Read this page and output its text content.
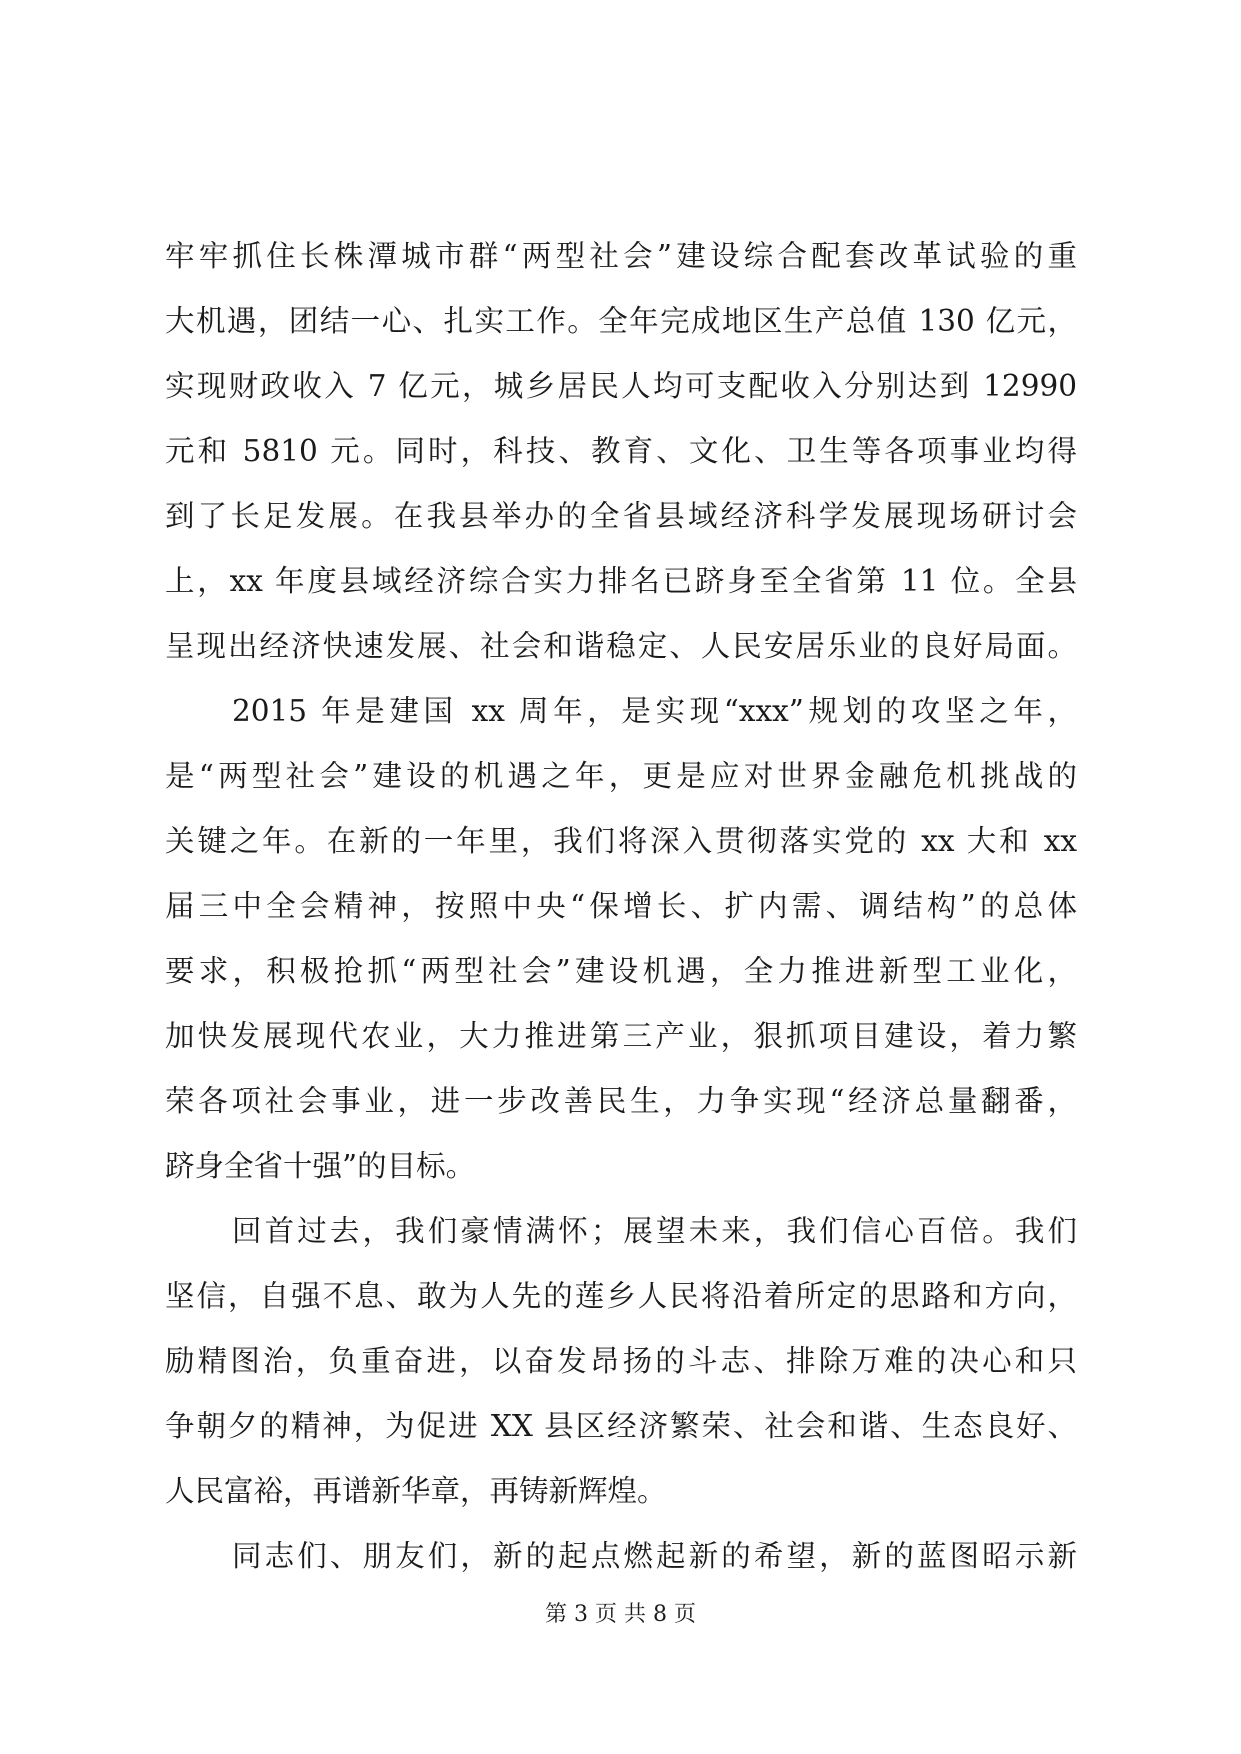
牢牢抓住长株潭城市群“两型社会”建设综合配套改革试验的重
大机遇，团结一心、扎实工作。全年完成地区生产总值 130 亿元，
实现财政收入 7 亿元，城乡居民人均可支配收入分别达到 12990
元和 5810 元。同时，科技、教育、文化、卫生等各项事业均得
到了长足发展。在我县举办的全省县域经济科学发展现场研讨会
上，xx 年度县域经济综合实力排名已跻身至全省第 11 位。全县
呈现出经济快速发展、社会和谐稳定、人民安居乐业的良好局面。
2015 年是建国 xx 周年，是实现“xxx”规划的攻坚之年，
是“两型社会”建设的机遇之年，更是应对世界金融危机挑战的
关键之年。在新的一年里，我们将深入贯彻落实党的 xx 大和 xx
届三中全会精神，按照中央“保增长、扩内需、调结构”的总体
要求，积极抢抓“两型社会”建设机遇，全力推进新型工业化，
加快发展现代农业，大力推进第三产业，狠抓项目建设，着力繁
荣各项社会事业，进一步改善民生，力争实现“经济总量翻番，
跻身全省十强”的目标。
回首过去，我们豪情满怀；展望未来，我们信心百倍。我们
坚信，自强不息、敢为人先的莲乡人民将沿着所定的思路和方向，
励精图治，负重奋进，以奋发昂扬的斗志、排除万难的决心和只
争朝夕的精神，为促进 XX 县区经济繁荣、社会和谐、生态良好、
人民富裕，再谱新华章，再铸新辉煌。
同志们、朋友们，新的起点燃起新的希望，新的蓝图昭示新
第 3 页 共 8 页
